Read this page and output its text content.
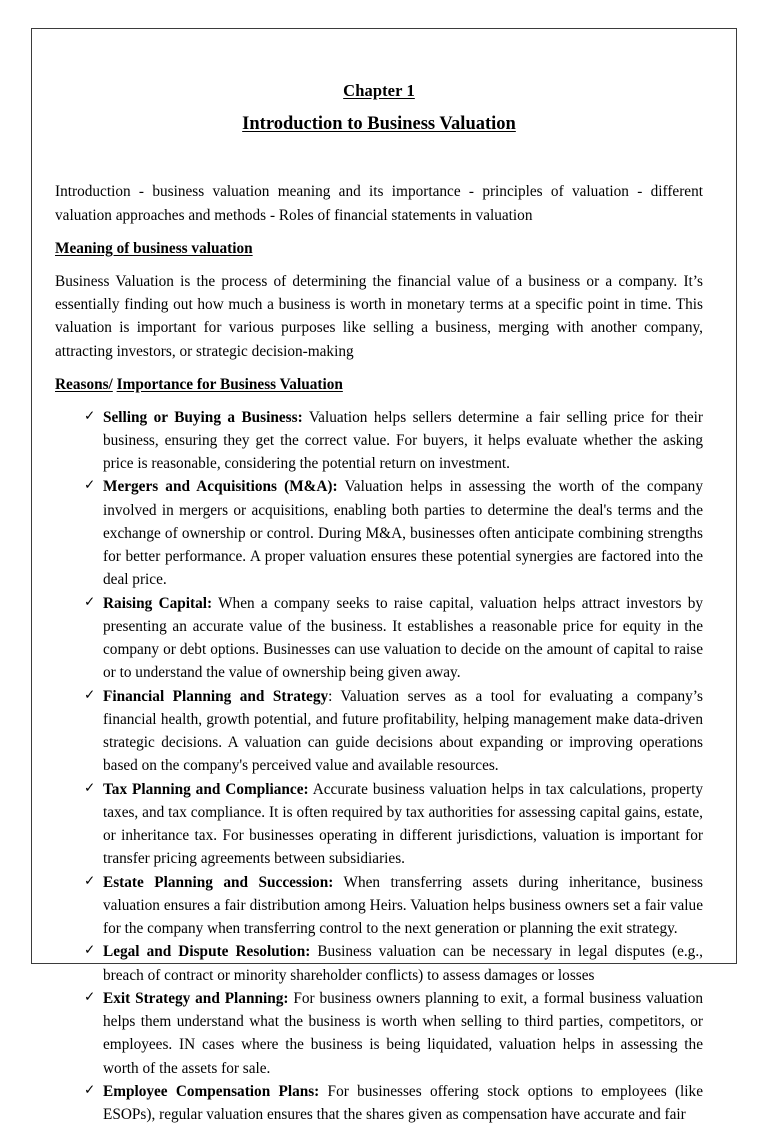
Chapter 1
Introduction to Business Valuation

Introduction - business valuation meaning and its importance - principles of valuation - different valuation approaches and methods - Roles of financial statements in valuation

Meaning of business valuation

Business Valuation is the process of determining the financial value of a business or a company. It’s essentially finding out how much a business is worth in monetary terms at a specific point in time. This valuation is important for various purposes like selling a business, merging with another company, attracting investors, or strategic decision-making

Reasons/ Importance for Business Valuation
✓ Selling or Buying a Business: Valuation helps sellers determine a fair selling price for their business, ensuring they get the correct value. For buyers, it helps evaluate whether the asking price is reasonable, considering the potential return on investment.
✓ Mergers and Acquisitions (M&A): Valuation helps in assessing the worth of the company involved in mergers or acquisitions, enabling both parties to determine the deal's terms and the exchange of ownership or control. During M&A, businesses often anticipate combining strengths for better performance. A proper valuation ensures these potential synergies are factored into the deal price.
✓ Raising Capital: When a company seeks to raise capital, valuation helps attract investors by presenting an accurate value of the business. It establishes a reasonable price for equity in the company or debt options. Businesses can use valuation to decide on the amount of capital to raise or to understand the value of ownership being given away.
✓ Financial Planning and Strategy: Valuation serves as a tool for evaluating a company’s financial health, growth potential, and future profitability, helping management make data-driven strategic decisions. A valuation can guide decisions about expanding or improving operations based on the company's perceived value and available resources.
✓ Tax Planning and Compliance: Accurate business valuation helps in tax calculations, property taxes, and tax compliance. It is often required by tax authorities for assessing capital gains, estate, or inheritance tax. For businesses operating in different jurisdictions, valuation is important for transfer pricing agreements between subsidiaries.
✓ Estate Planning and Succession: When transferring assets during inheritance, business valuation ensures a fair distribution among Heirs. Valuation helps business owners set a fair value for the company when transferring control to the next generation or planning the exit strategy.
✓ Legal and Dispute Resolution: Business valuation can be necessary in legal disputes (e.g., breach of contract or minority shareholder conflicts) to assess damages or losses
✓ Exit Strategy and Planning: For business owners planning to exit, a formal business valuation helps them understand what the business is worth when selling to third parties, competitors, or employees. IN cases where the business is being liquidated, valuation helps in assessing the worth of the assets for sale.
✓ Employee Compensation Plans: For businesses offering stock options to employees (like ESOPs), regular valuation ensures that the shares given as compensation have accurate and fair
